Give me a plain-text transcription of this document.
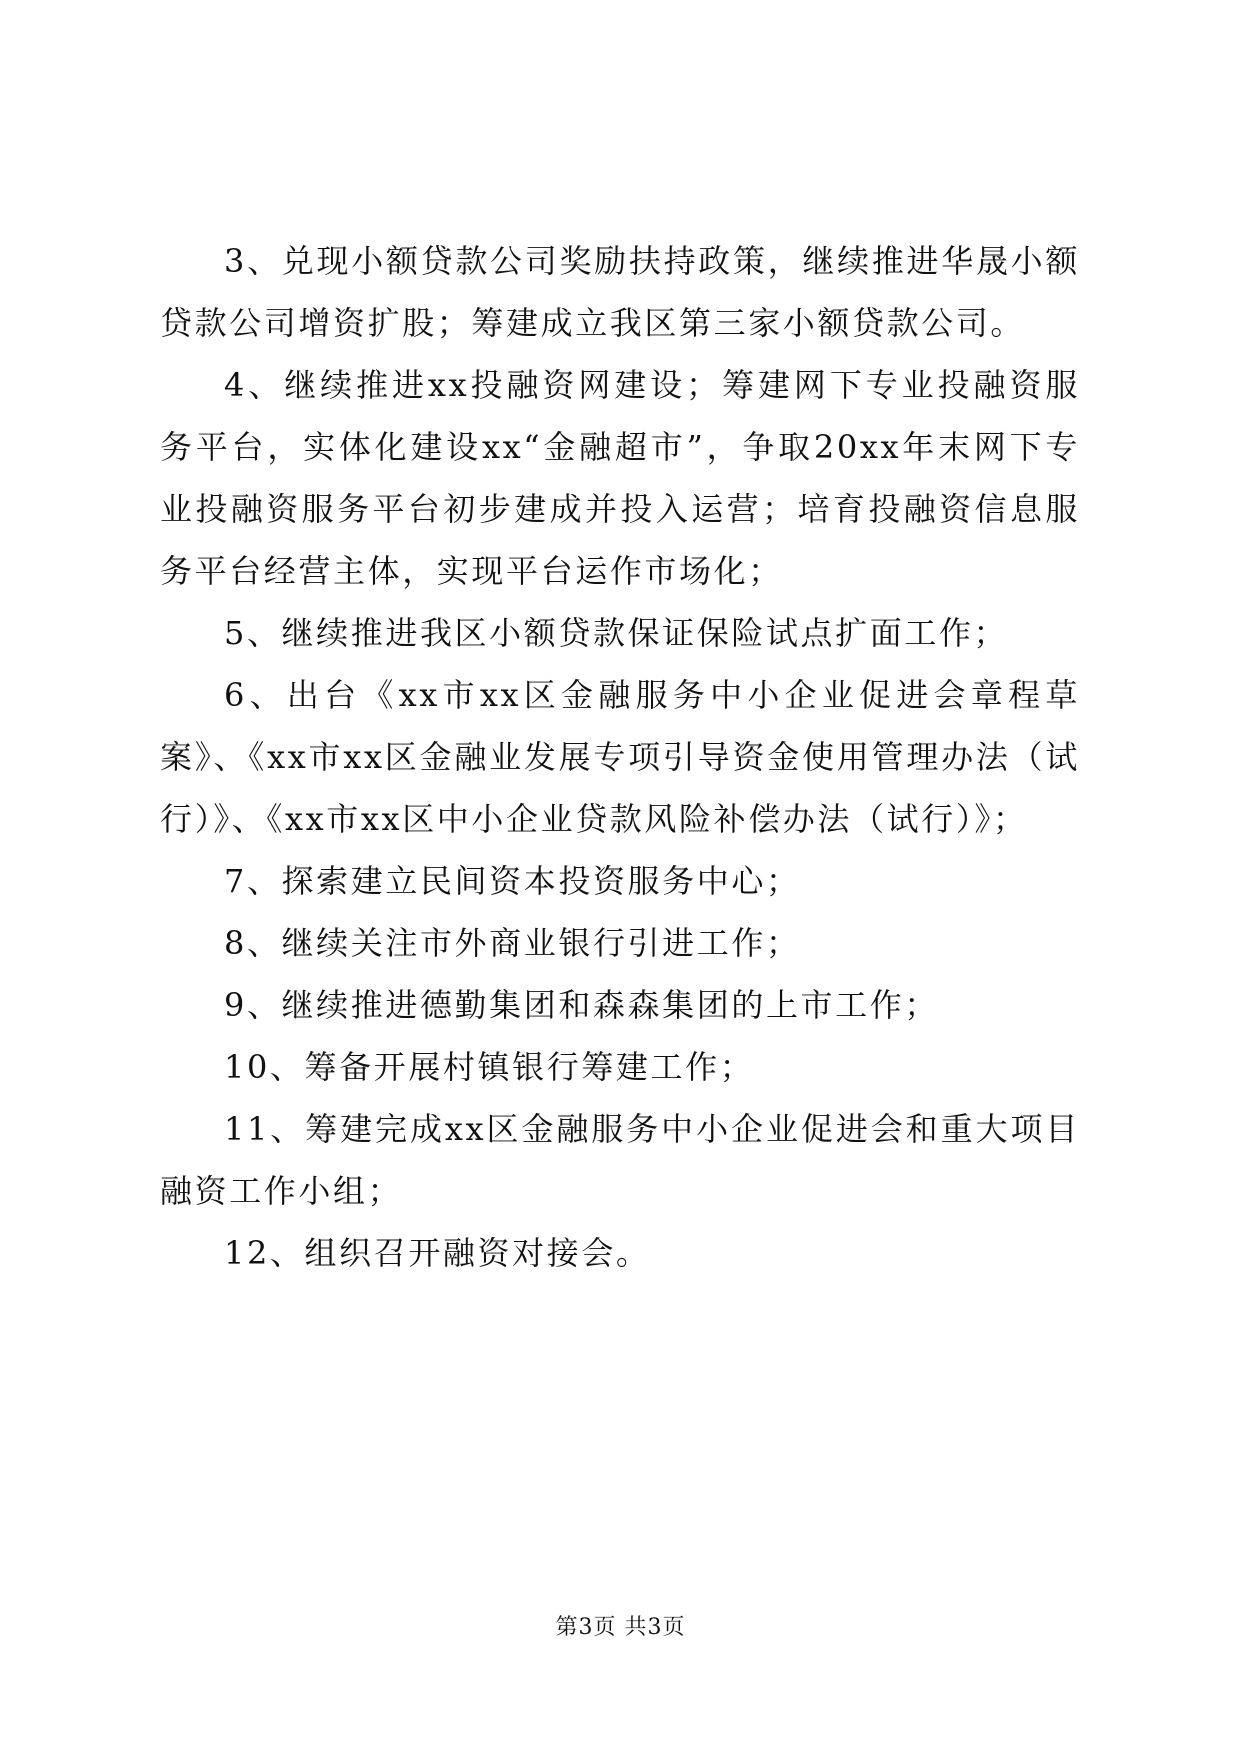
3、兑现小额贷款公司奖励扶持政策，继续推进华晟小额贷款公司增资扩股；筹建成立我区第三家小额贷款公司。

4、继续推进xx投融资网建设；筹建网下专业投融资服务平台，实体化建设xx“金融超市”，争取20xx年末网下专业投融资服务平台初步建成并投入运营；培育投融资信息服务平台经营主体，实现平台运作市场化；

5、继续推进我区小额贷款保证保险试点扩面工作；

6、出台《xx市xx区金融服务中小企业促进会章程草案》、《xx市xx区金融业发展专项引导资金使用管理办法（试行）》、《xx市xx区中小企业贷款风险补偿办法（试行）》；

7、探索建立民间资本投资服务中心；

8、继续关注市外商业银行引进工作；

9、继续推进德勤集团和森森集团的上市工作；

10、筹备开展村镇银行筹建工作；

11、筹建完成xx区金融服务中小企业促进会和重大项目融资工作小组；

12、组织召开融资对接会。

第3页 共3页
